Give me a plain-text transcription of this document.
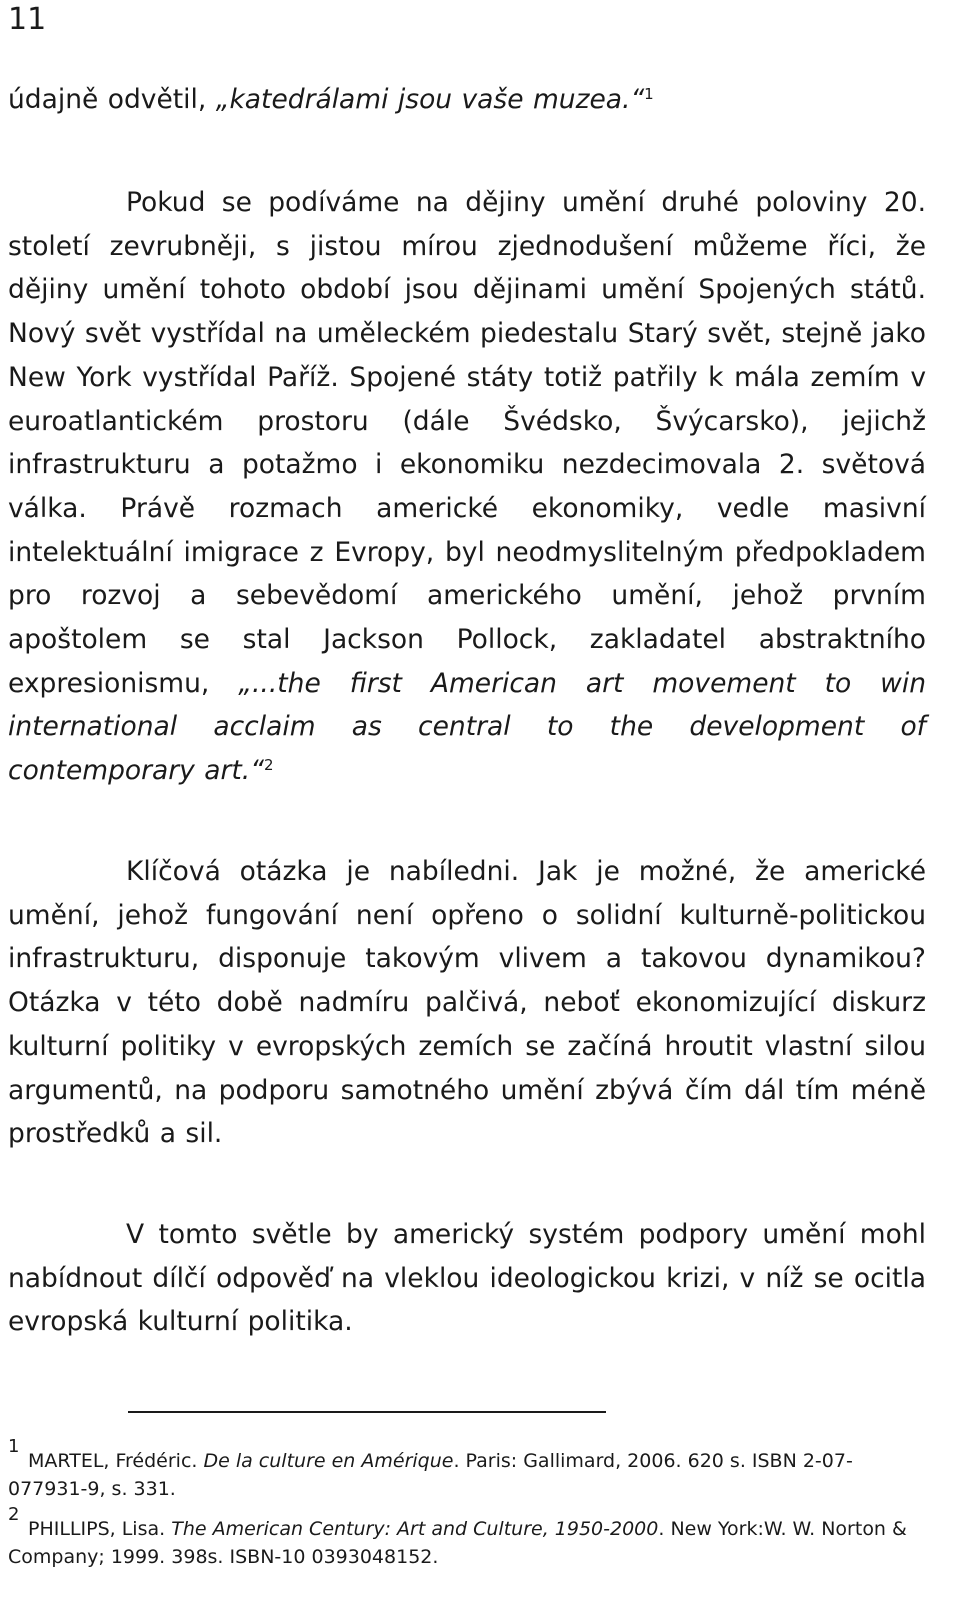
11

údajně odvětil, „katedrálami jsou vaše muzea.“$^1$

Pokud se podíváme na dějiny umění druhé poloviny 20. století zevrubněji, s jistou mírou zjednodušení můžeme říci, že dějiny umění tohoto období jsou dějinami umění Spojených států. Nový svět vystřídal na uměleckém piedestalu Starý svět, stejně jako New York vystřídal Paříž. Spojené státy totiž patřily k mála zemím v euroatlantickém prostoru (dále Švédsko, Švýcarsko), jejichž infrastrukturu a potažmo i ekonomiku nezdecimovala 2. světová válka. Právě rozmach americké ekonomiky, vedle masivní intelektuální imigrace z Evropy, byl neodmyslitelným předpokladem pro rozvoj a sebevědomí amerického umění, jehož prvním apoštolem se stal Jackson Pollock, zakladatel abstraktního expresionismu, „...the first American art movement to win international acclaim as central to the development of contemporary art.“$^2$

Klíčová otázka je nabíledni. Jak je možné, že americké umění, jehož fungování není opřeno o solidní kulturně-politickou infrastrukturu, disponuje takovým vlivem a takovou dynamikou? Otázka v této době nadmíru palčivá, neboť ekonomizující diskurz kulturní politiky v evropských zemích se začíná hroutit vlastní silou argumentů, na podporu samotného umění zbývá čím dál tím méně prostředků a sil.

V tomto světle by americký systém podpory umění mohl nabídnout dílčí odpověď na vleklou ideologickou krizi, v níž se ocitla evropská kulturní politika.

1
MARTEL, Frédéric. De la culture en Amérique. Paris: Gallimard, 2006. 620 s. ISBN 2-07-077931-9, s. 331.

2
PHILLIPS, Lisa. The American Century: Art and Culture, 1950-2000. New York:W. W. Norton & Company; 1999. 398s. ISBN-10 0393048152.
